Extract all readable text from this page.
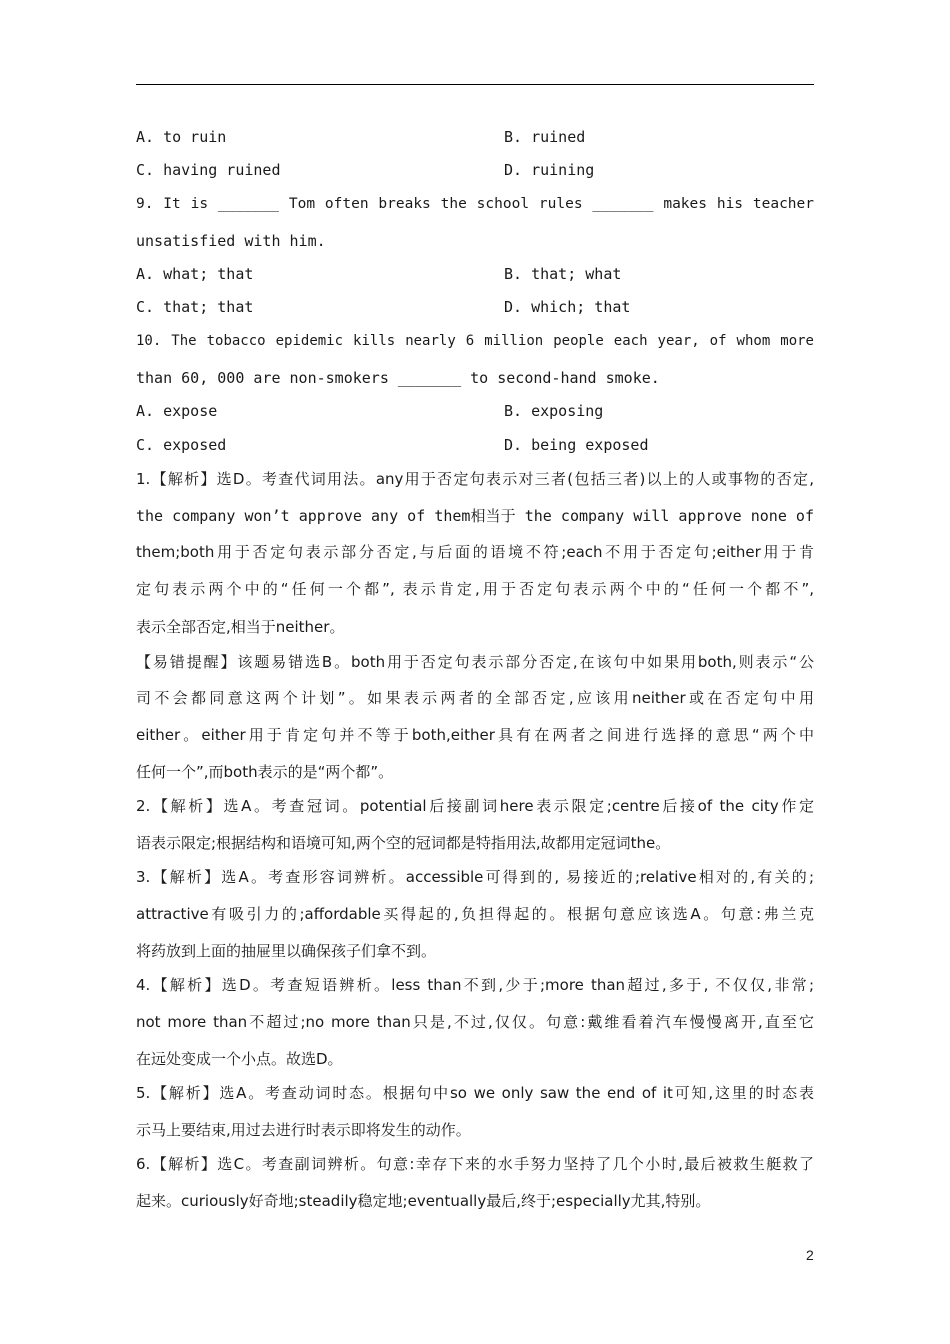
A. to ruin	B. ruined
C. having ruined	D. ruining
9. It is _______ Tom often breaks the school rules _______ makes his teacher
unsatisfied with him.
A. what; that	B. that; what
C. that; that	D. which; that
10. The tobacco epidemic kills nearly 6 million people each year, of whom more
than 60, 000 are non-smokers _______ to second-hand smoke.
A. expose	B. exposing
C. exposed	D. being exposed
1.【解析】选D。考查代词用法。any用于否定句表示对三者(包括三者)以上的人或事物的否定,
the company won’t approve any of them相当于 the company will approve none of
them;both用于否定句表示部分否定,与后面的语境不符;each不用于否定句;either用于肯
定句表示两个中的“任何一个都”, 表示肯定,用于否定句表示两个中的“任何一个都不”,
表示全部否定,相当于neither。
【易错提醒】该题易错选B。both用于否定句表示部分否定,在该句中如果用both,则表示“公
司不会都同意这两个计划”。如果表示两者的全部否定,应该用neither或在否定句中用
either。either用于肯定句并不等于both,either具有在两者之间进行选择的意思“两个中
任何一个”,而both表示的是“两个都”。
2.【解析】选A。考查冠词。potential后接副词here表示限定;centre后接of the city作定
语表示限定;根据结构和语境可知,两个空的冠词都是特指用法,故都用定冠词the。
3.【解析】选A。考查形容词辨析。accessible可得到的, 易接近的;relative相对的,有关的;
attractive有吸引力的;affordable买得起的,负担得起的。根据句意应该选A。句意:弗兰克
将药放到上面的抽屉里以确保孩子们拿不到。
4.【解析】选D。考查短语辨析。less than不到,少于;more than超过,多于, 不仅仅,非常;
not more than不超过;no more than只是,不过,仅仅。句意:戴维看着汽车慢慢离开,直至它
在远处变成一个小点。故选D。
5.【解析】选A。考查动词时态。根据句中so we only saw the end of it可知,这里的时态表
示马上要结束,用过去进行时表示即将发生的动作。
6.【解析】选C。考查副词辨析。句意:幸存下来的水手努力坚持了几个小时,最后被救生艇救了
起来。curiously好奇地;steadily稳定地;eventually最后,终于;especially尤其,特别。
2
